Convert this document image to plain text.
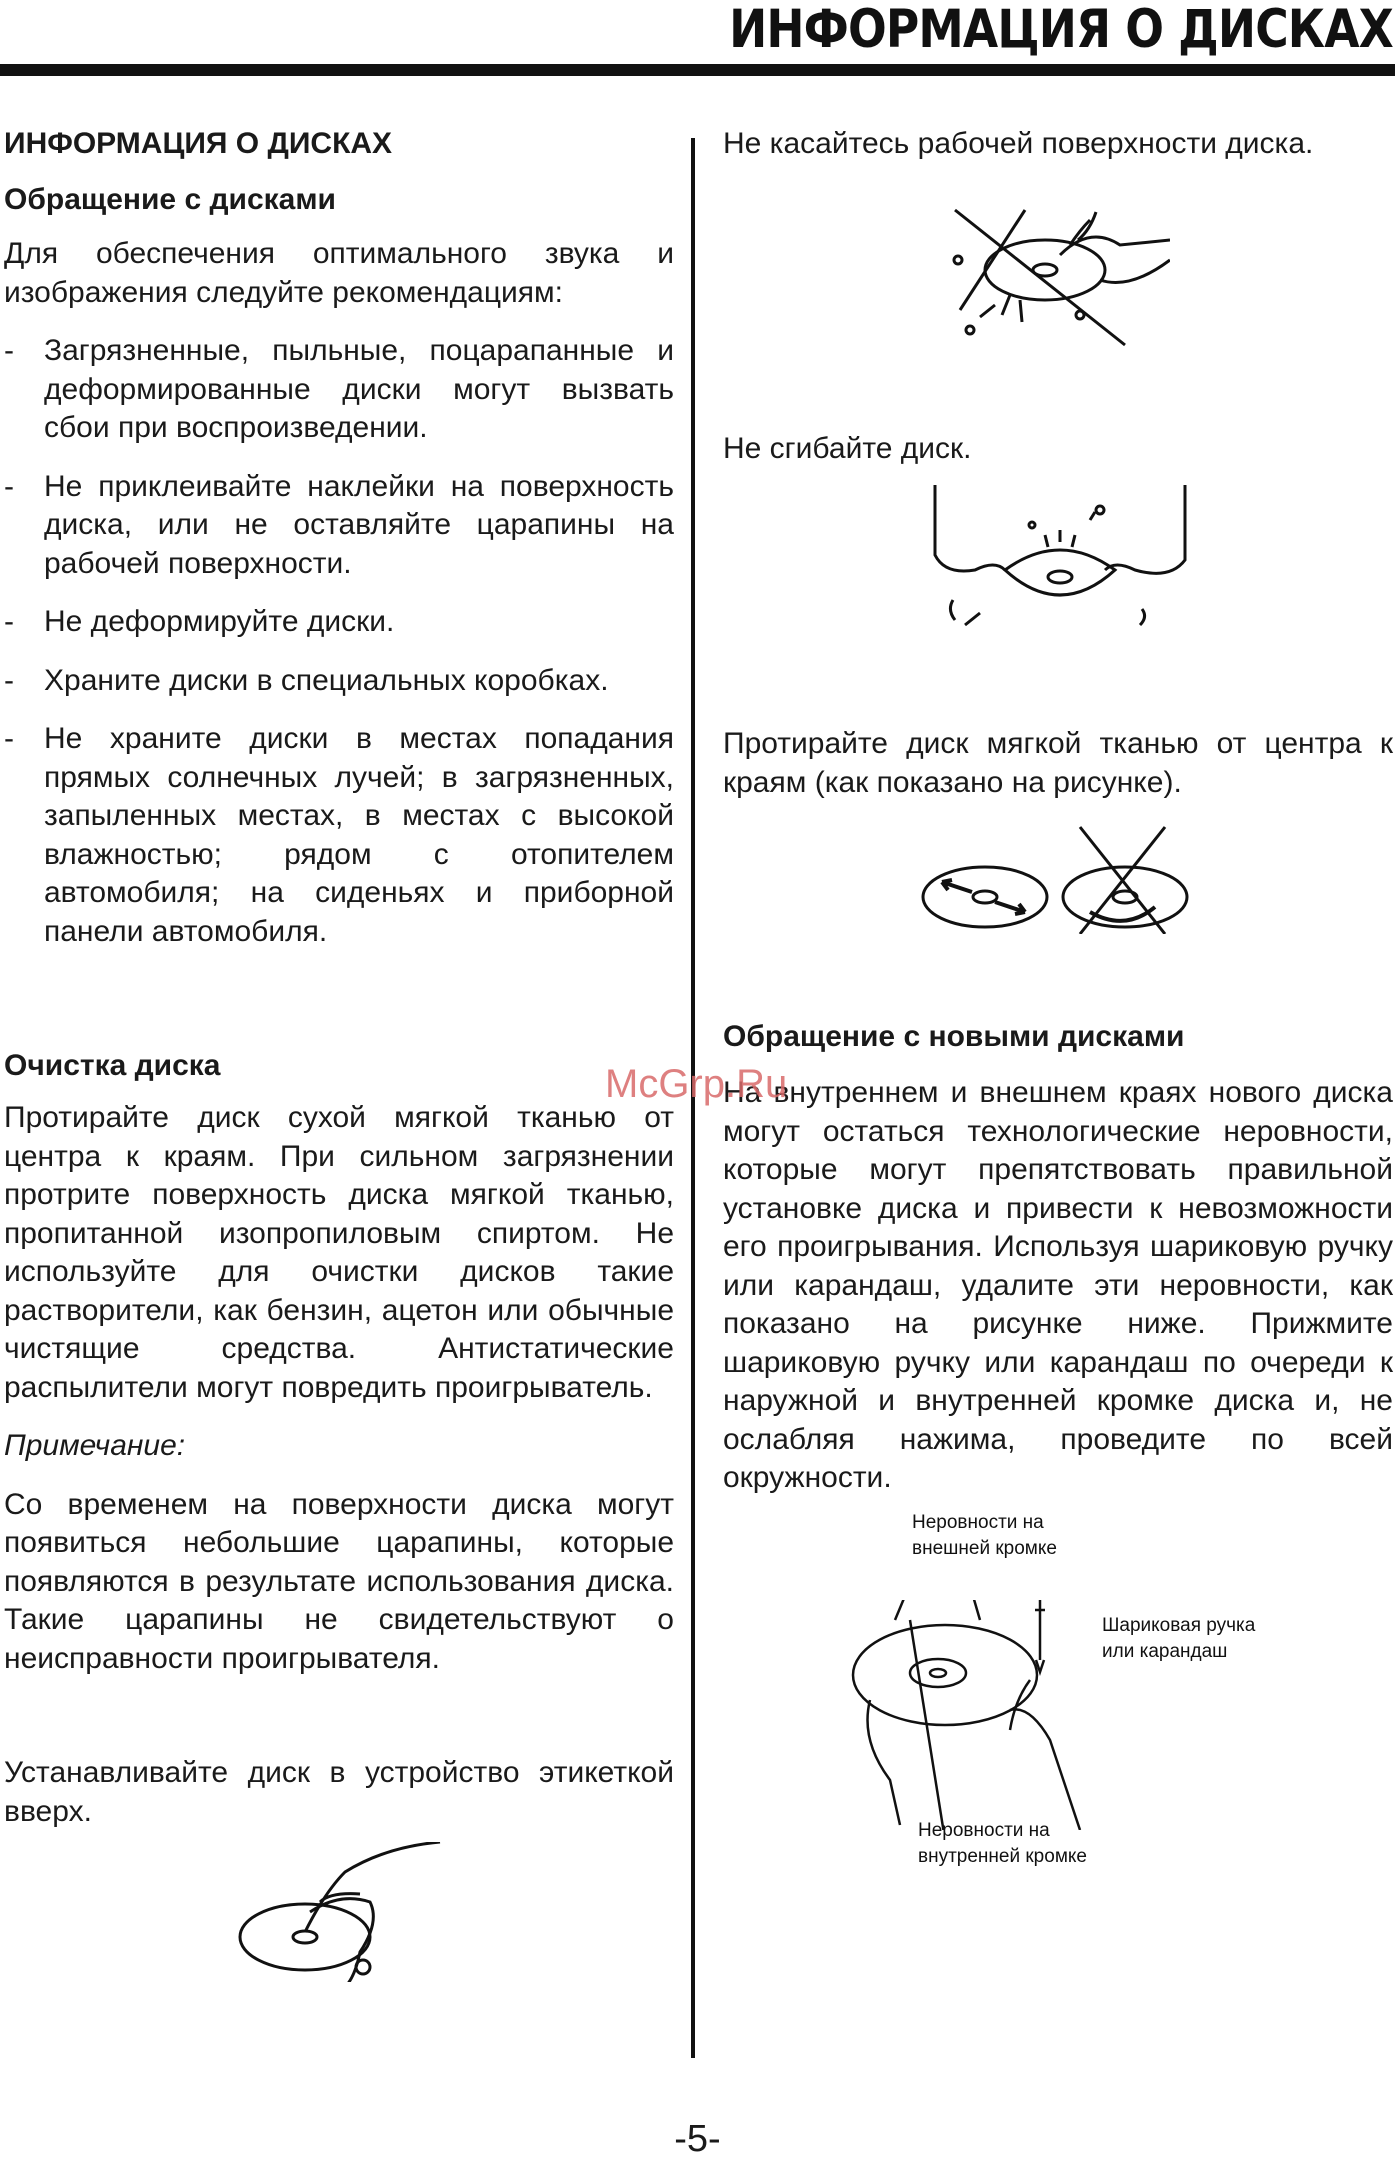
ИНФОРМАЦИЯ О ДИСКАХ
ИНФОРМАЦИЯ О ДИСКАХ
Обращение с дисками

Для обеспечения оптимального звука и изображения следуйте рекомендациям:

- Загрязненные, пыльные, поцарапанные и деформированные диски могут вызвать сбои при воспроизведении.
- Не приклеивайте наклейки на поверхность диска, или не оставляйте царапины на рабочей поверхности.
- Не деформируйте диски.
- Храните диски в специальных коробках.
- Не храните диски в местах попадания прямых солнечных лучей; в загрязненных, запыленных местах, в местах с высокой влажностью; рядом с отопителем автомобиля; на сиденьях и приборной панели автомобиля.
Очистка диска

Протирайте диск сухой мягкой тканью от центра к краям. При сильном загрязнении протрите поверхность диска мягкой тканью, пропитанной изопропиловым спиртом. Не используйте для очистки дисков такие растворители, как бензин, ацетон или обычные чистящие средства. Антистатические распылители могут повредить проигрыватель.

Примечание:

Со временем на поверхности диска могут появиться небольшие царапины, которые появляются в результате использования диска. Такие царапины не свидетельствуют о неисправности проигрывателя.

Устанавливайте диск в устройство этикеткой вверх.

Не касайтесь рабочей поверхности диска.

Не сгибайте диск.

Протирайте диск мягкой тканью от центра к краям (как показано на рисунке).

Обращение с новыми дисками

На внутреннем и внешнем краях нового диска могут остаться технологические неровности, которые могут препятствовать правильной установке диска и привести к невозможности его проигрывания. Используя шариковую ручку или карандаш, удалите эти неровности, как показано на рисунке ниже. Прижмите шариковую ручку или карандаш по очереди к наружной и внутренней кромке диска и, не ослабляя нажима, проведите по всей окружности.

Неровности на внешней кромке
Шариковая ручка или карандаш
Неровности на внутренней кромке
McGrp.Ru
-5-
